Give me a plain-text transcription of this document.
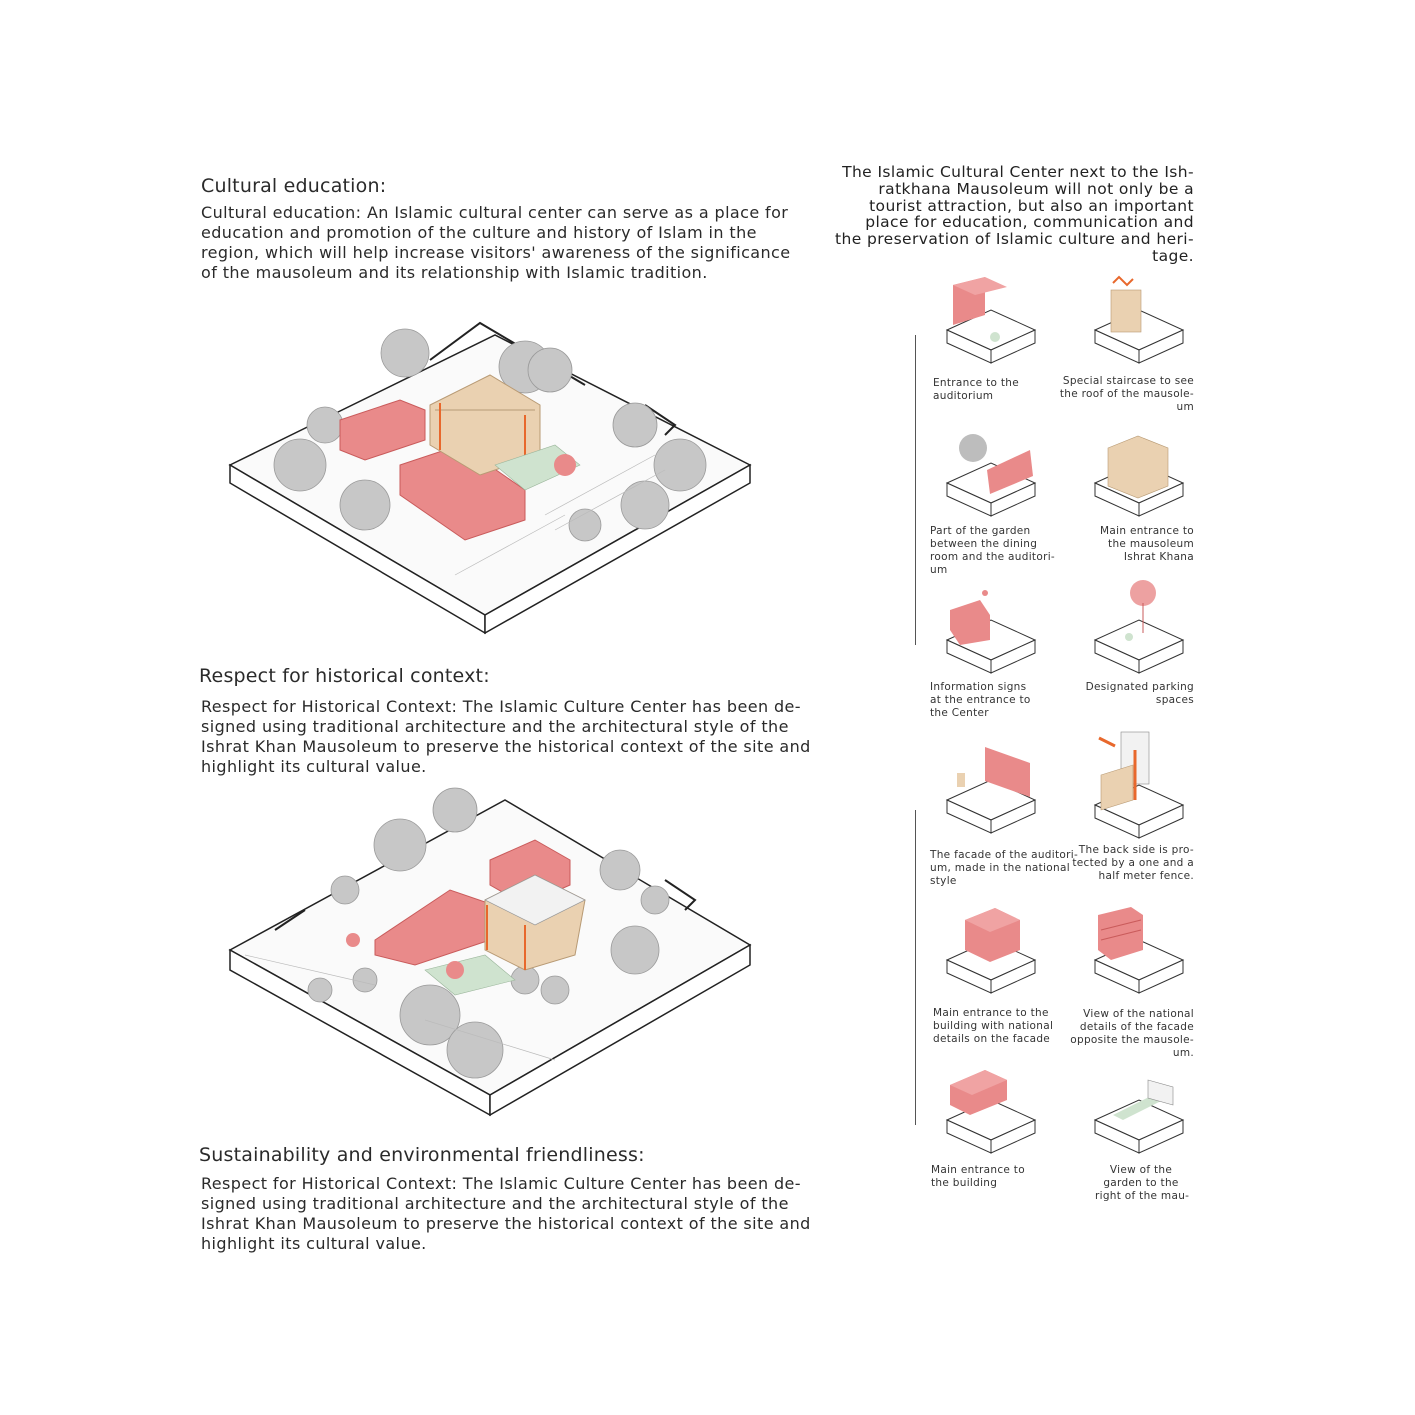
Cultural education:
Cultural education: An Islamic cultural center can serve as a place for
education and promotion of the culture and history of Islam in the
region, which will help increase visitors' awareness of the significance
of the mausoleum and its relationship with Islamic tradition.
Respect for historical context:
Respect for Historical Context: The Islamic Culture Center has been de-
signed using traditional architecture and the architectural style of the
Ishrat Khan Mausoleum to preserve the historical context of the site and
highlight its cultural value.
Sustainability and environmental friendliness:
Respect for Historical Context: The Islamic Culture Center has been de-
signed using traditional architecture and the architectural style of the
Ishrat Khan Mausoleum to preserve the historical context of the site and
highlight its cultural value.
The Islamic Cultural Center next to the Ish-
ratkhana Mausoleum will not only be a
tourist attraction, but also an important
place for education, communication and
the preservation of Islamic culture and heri-
tage.
Entrance to the
auditorium
Special staircase to see
the roof of the mausole-
um
Part of the garden
between the dining
room and the auditori-
um
Main entrance to
the mausoleum
Ishrat Khana
Information signs
at the entrance to
the Center
Designated parking
spaces
The facade of the auditori-
um, made in the national
style
The back side is pro-
tected by a one and a
half meter fence.
Main entrance to the
building with national
details on the facade
View of the national
details of the facade
opposite the mausole-
um.
Main entrance to
the building
View of the
garden to the
right of the mau-
